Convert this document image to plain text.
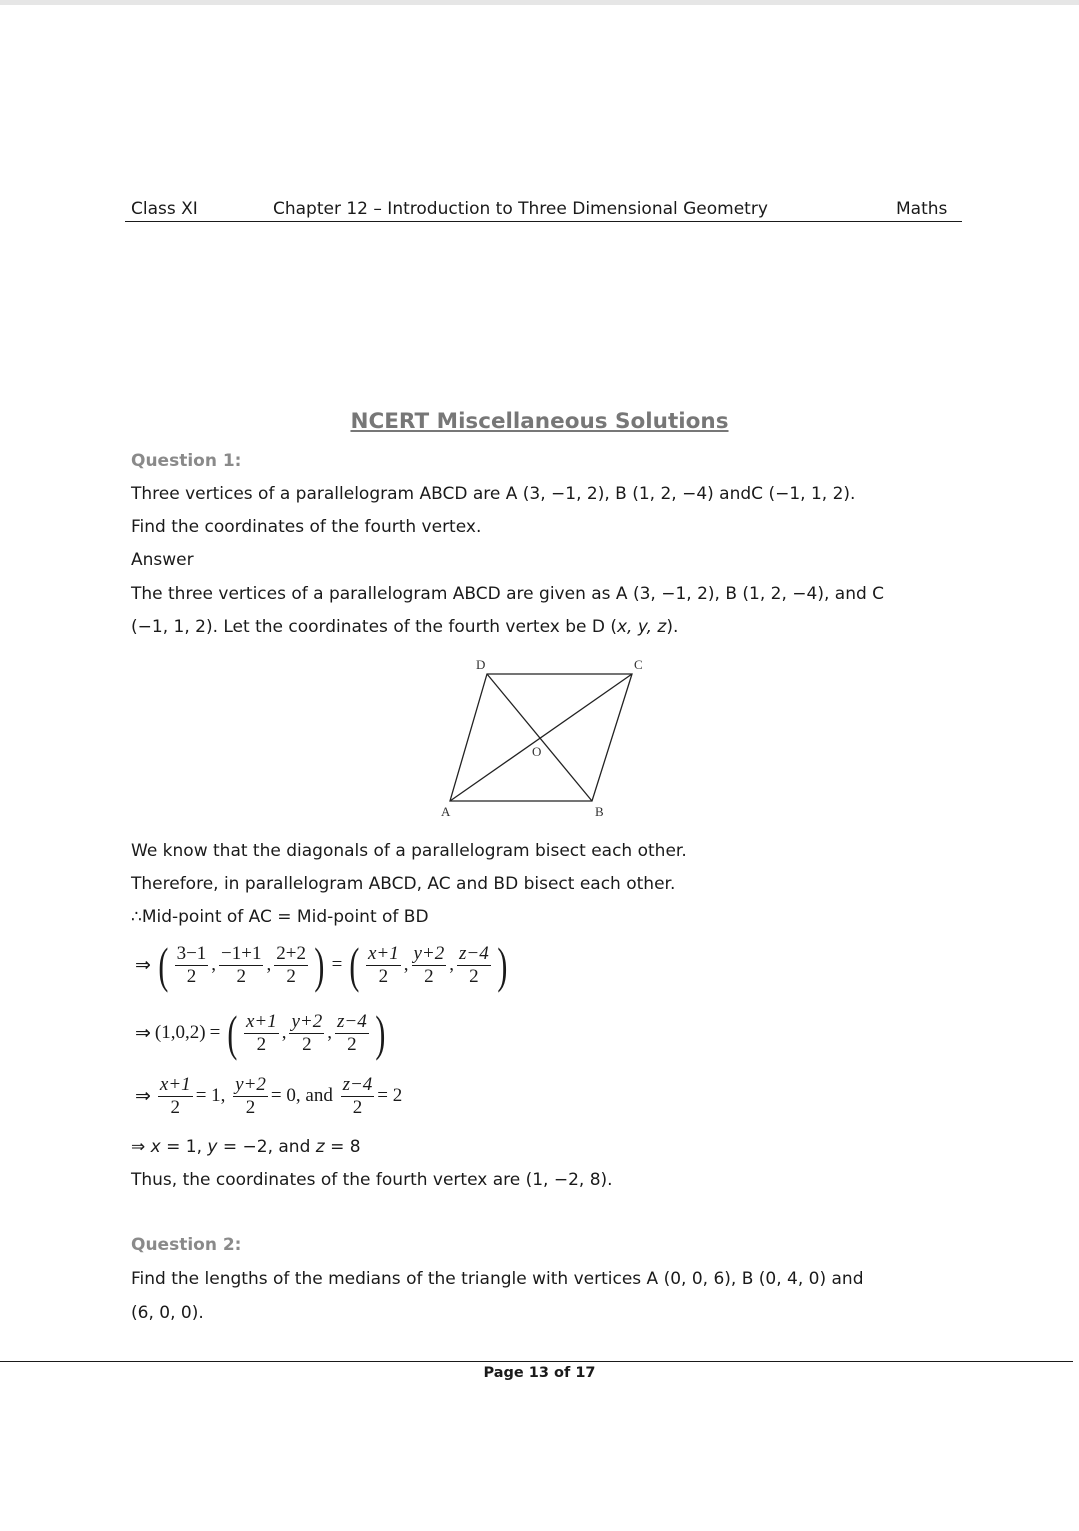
Class XI	Chapter 12 – Introduction to Three Dimensional Geometry	Maths
NCERT Miscellaneous Solutions
Question 1:
Three vertices of a parallelogram ABCD are A (3, −1, 2), B (1, 2, −4) andC (−1, 1, 2).
Find the coordinates of the fourth vertex.
Answer
The three vertices of a parallelogram ABCD are given as A (3, −1, 2), B (1, 2, −4), and C
(−1, 1, 2). Let the coordinates of the fourth vertex be D (x, y, z).
D	C
O
A	B
We know that the diagonals of a parallelogram bisect each other.
Therefore, in parallelogram ABCD, AC and BD bisect each other.
∴Mid-point of AC = Mid-point of BD
⇒ ( $\frac{3-1}{2}$ , $\frac{-1+1}{2}$ , $\frac{2+2}{2}$ ) = ( $\frac{x+1}{2}$ , $\frac{y+2}{2}$ , $\frac{z-4}{2}$ )
⇒ (1,0,2) = ( $\frac{x+1}{2}$ , $\frac{y+2}{2}$ , $\frac{z-4}{2}$ )
⇒ $\frac{x+1}{2} = 1$,
$\frac{y+2}{2} = 0$,
and
$\frac{z-4}{2} = 2$
⇒ x = 1, y = −2, and z = 8
Thus, the coordinates of the fourth vertex are (1, −2, 8).
Question 2:
Find the lengths of the medians of the triangle with vertices A (0, 0, 6), B (0, 4, 0) and
(6, 0, 0).
Page 13 of 17
